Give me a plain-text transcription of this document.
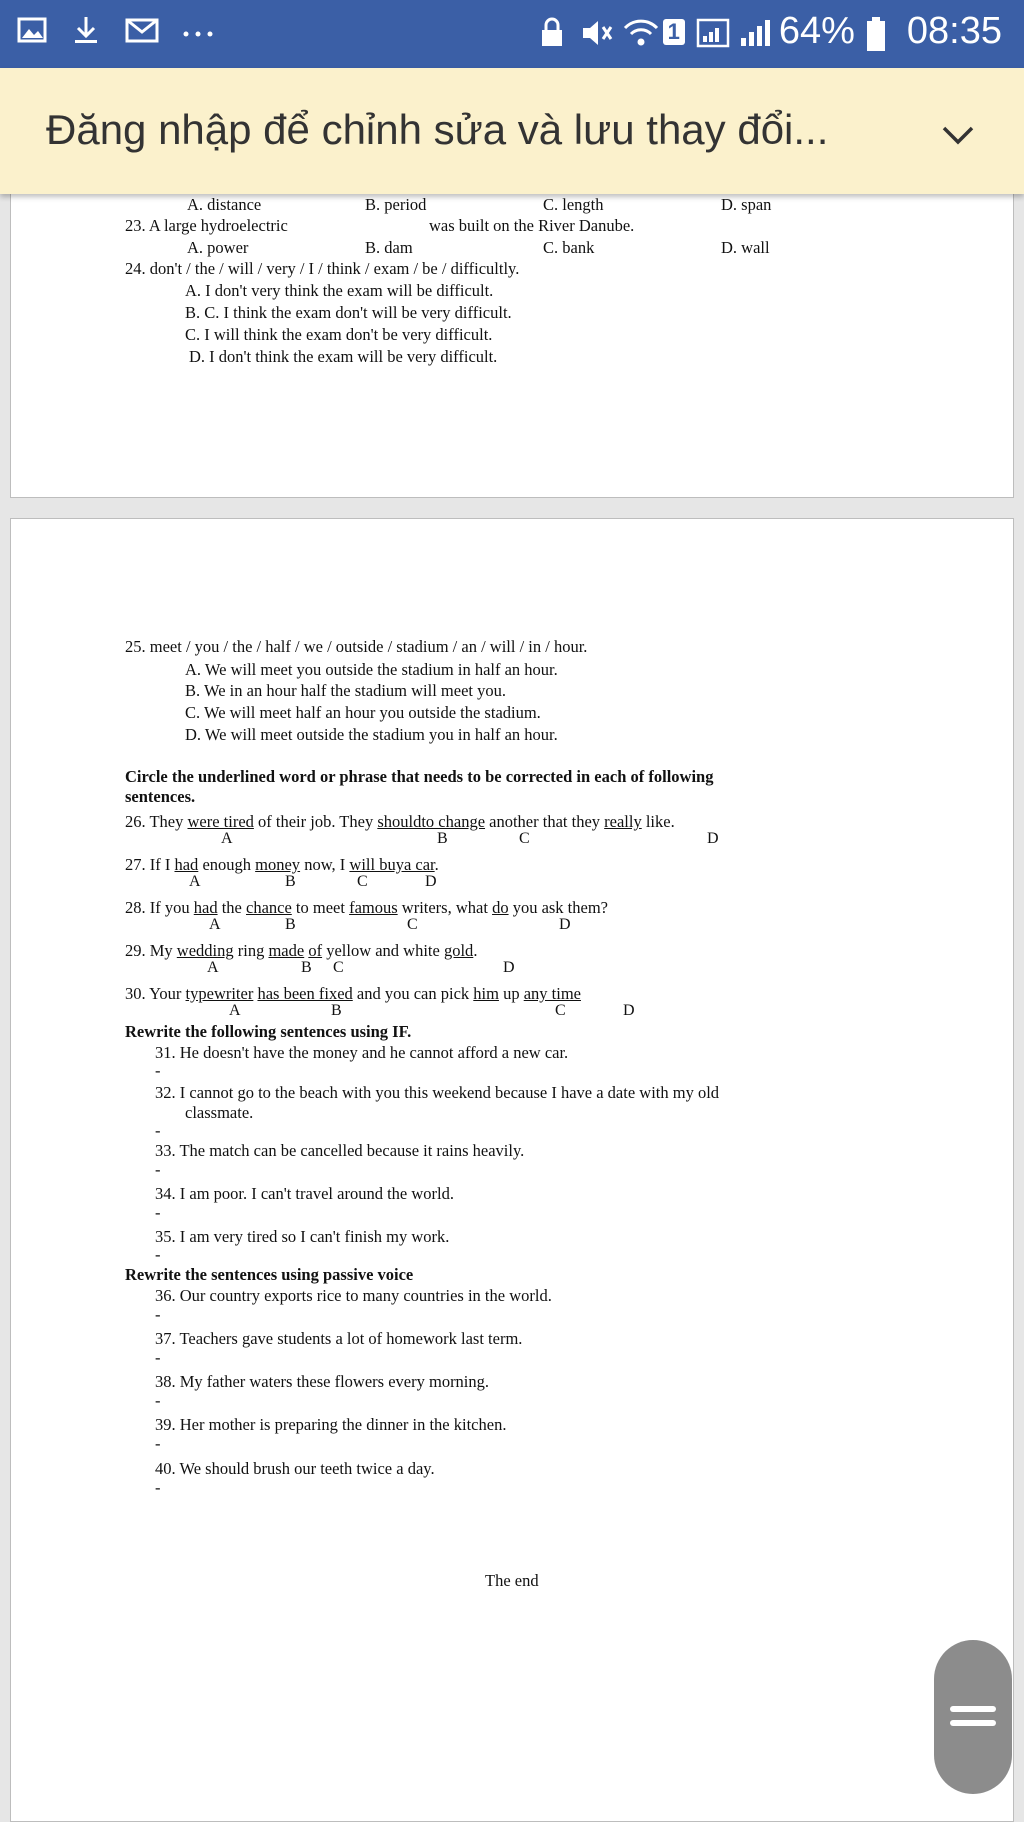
1	64% 08:35
Đăng nhập để chỉnh sửa và lưu thay đổi...
A. distance	B. period	C. length	D. span
23. A large hydroelectric	was built on the River Danube.
A. power	B. dam	C. bank	D. wall
24. don't / the / will / very / I / think / exam / be / difficultly.
A. I don't very think the exam will be difficult.
B. C. I think the exam don't will be very difficult.
C. I will think the exam don't be very difficult.
D. I don't think the exam will be very difficult.
25. meet / you / the / half / we / outside / stadium / an / will / in / hour.
A. We will meet you outside the stadium in half an hour.
B. We in an hour half the stadium will meet you.
C. We will meet half an hour you outside the stadium.
D. We will meet outside the stadium you in half an hour.
Circle the underlined word or phrase that needs to be corrected in each of following
sentences.
26. They were tired of their job. They shouldto change another that they really like.
A	B	C	D
27. If I had enough money now, I will buya car.
A	B	C	D
28. If you had the chance to meet famous writers, what do you ask them?
A	B	C	D
29. My wedding ring made of yellow and white gold.
A	B C	D
30. Your typewriter has been fixed and you can pick him up any time
A	B	C	D
Rewrite the following sentences using IF.
31. He doesn't have the money and he cannot afford a new car.
-
32. I cannot go to the beach with you this weekend because I have a date with my old
classmate.
-
33. The match can be cancelled because it rains heavily.
-
34. I am poor. I can't travel around the world.
-
35. I am very tired so I can't finish my work.
-
Rewrite the sentences using passive voice
36. Our country exports rice to many countries in the world.
-
37. Teachers gave students a lot of homework last term.
-
38. My father waters these flowers every morning.
-
39. Her mother is preparing the dinner in the kitchen.
-
40. We should brush our teeth twice a day.
-
The end
